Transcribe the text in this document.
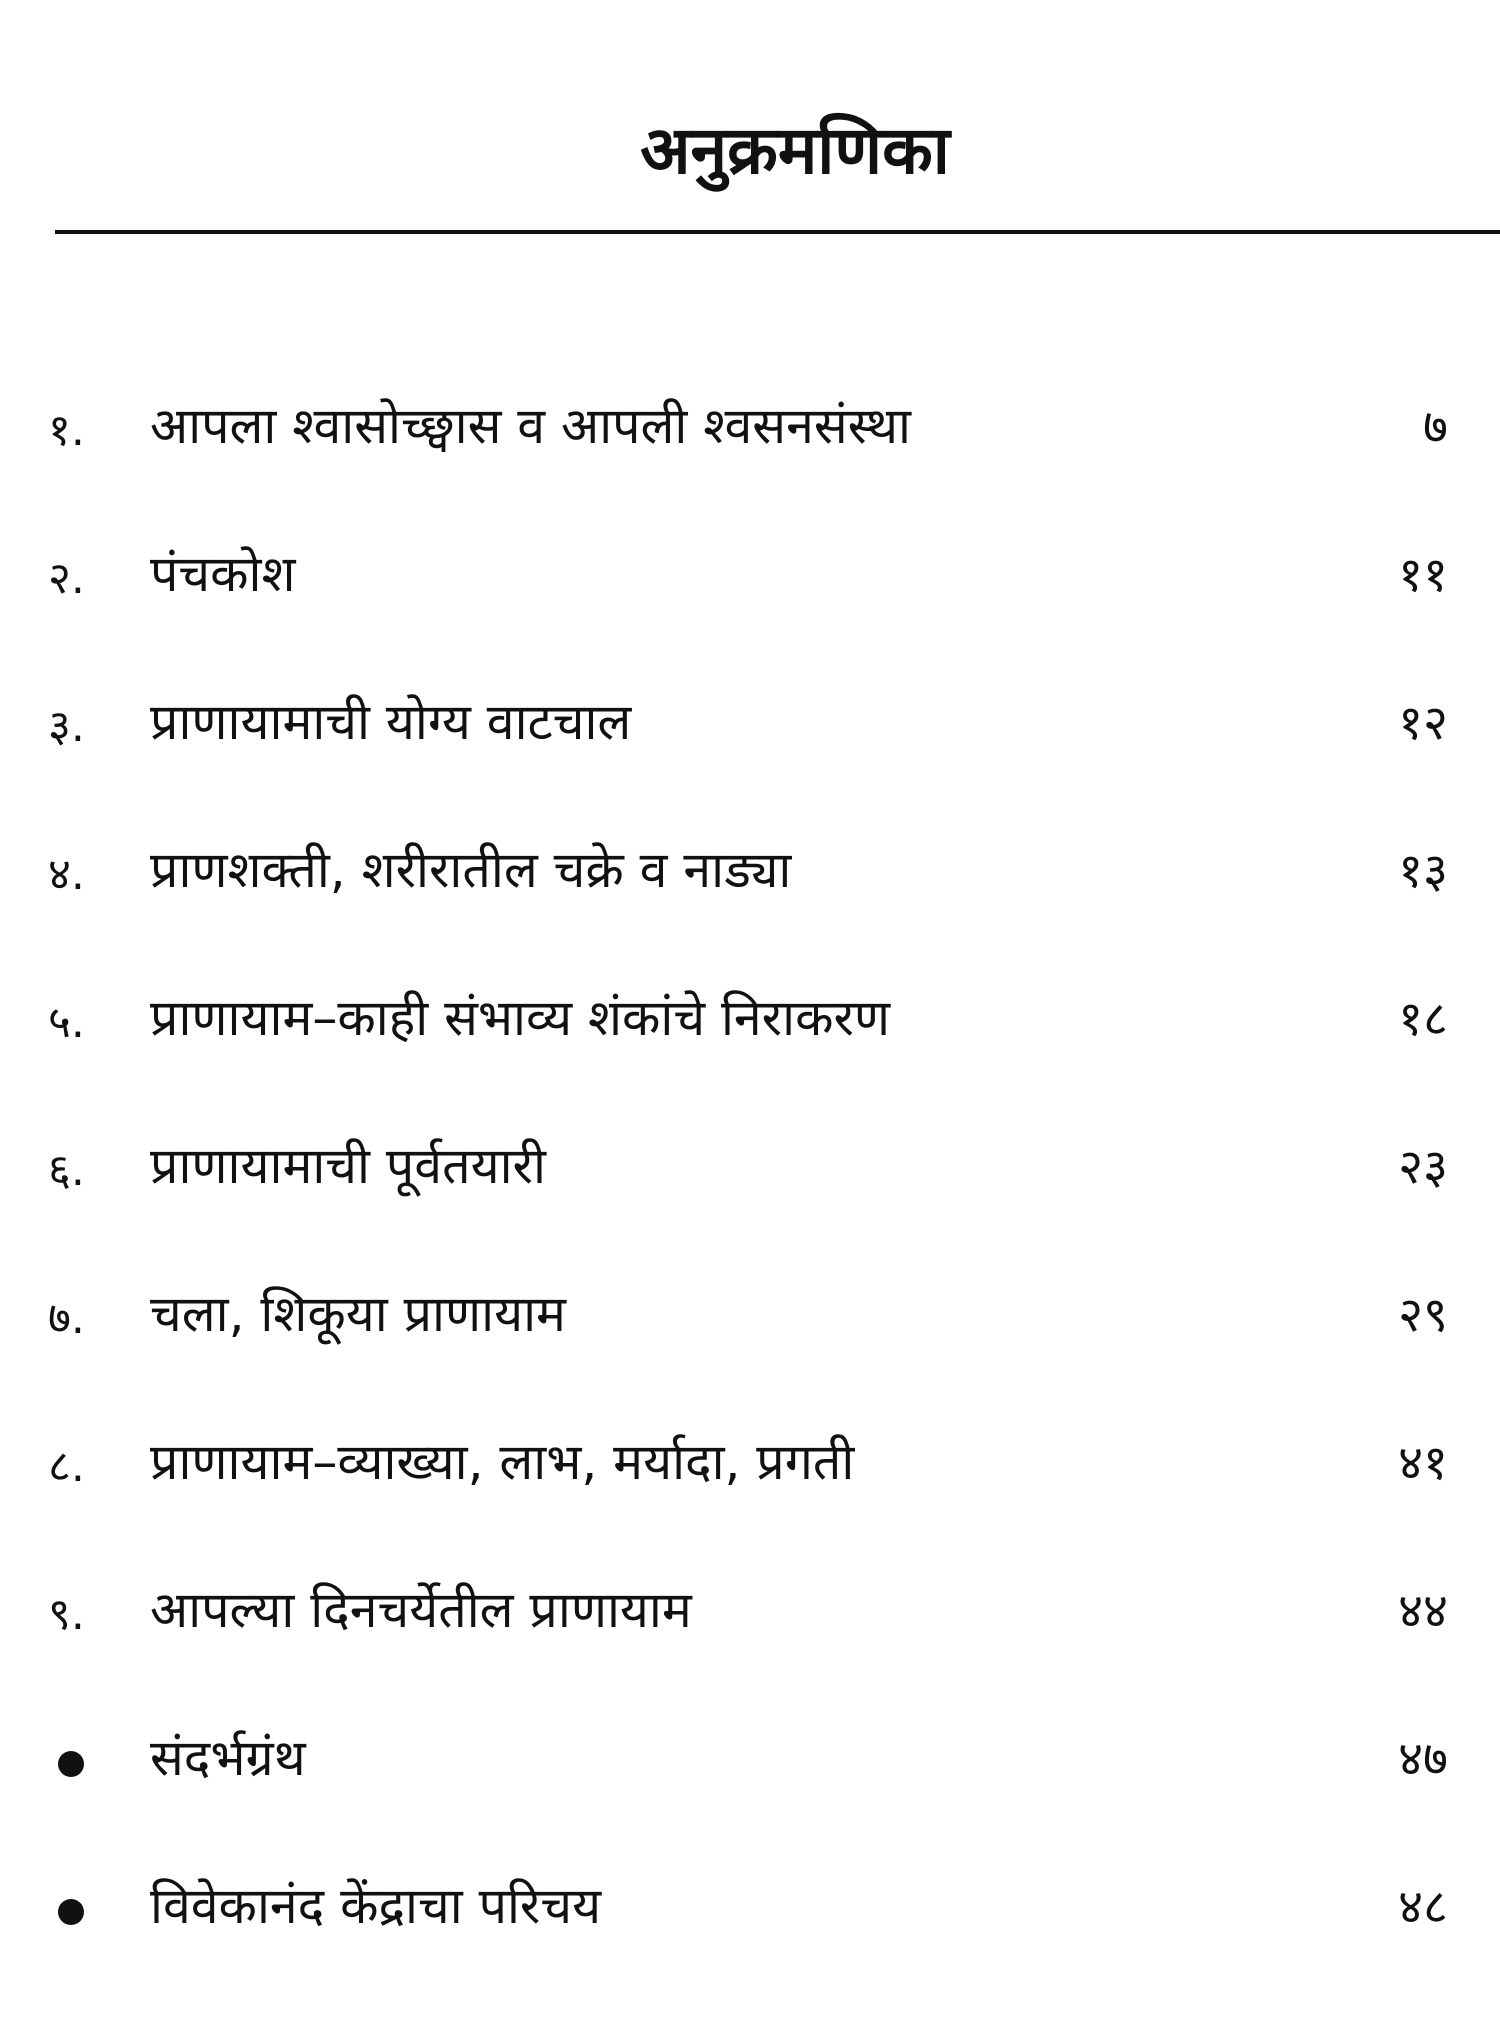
अनुक्रमणिका
१. आपला श्वासोच्छ्वास व आपली श्वसनसंस्था	७
२. पंचकोश	११
३. प्राणायामाची योग्य वाटचाल	१२
४. प्राणशक्ती, शरीरातील चक्रे व नाड्या	१३
५. प्राणायाम–काही संभाव्य शंकांचे निराकरण	१८
६. प्राणायामाची पूर्वतयारी	२३
७. चला, शिकूया प्राणायाम	२९
८. प्राणायाम–व्याख्या, लाभ, मर्यादा, प्रगती	४१
९. आपल्या दिनचर्येतील प्राणायाम	४४
संदर्भग्रंथ	४७
विवेकानंद केंद्राचा परिचय	४८
